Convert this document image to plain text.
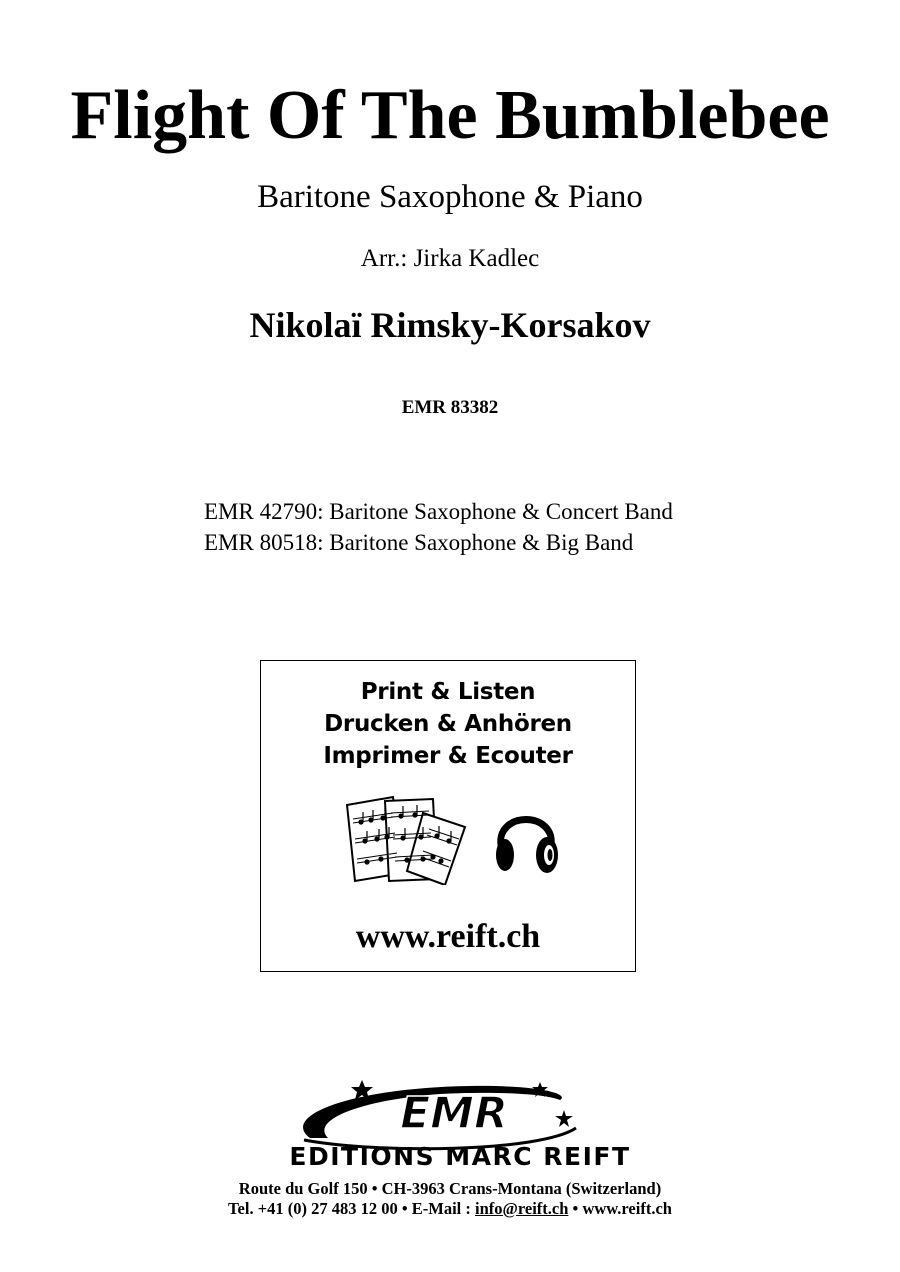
Flight Of The Bumblebee
Baritone Saxophone & Piano
Arr.: Jirka Kadlec
Nikolaï Rimsky-Korsakov
EMR 83382
EMR 42790: Baritone Saxophone & Concert Band
EMR 80518: Baritone Saxophone & Big Band
Print & Listen
Drucken & Anhören
Imprimer & Ecouter
www.reift.ch
EMR
EDITIONS MARC REIFT
Route du Golf 150 • CH-3963 Crans-Montana (Switzerland)
Tel. +41 (0) 27 483 12 00 • E-Mail : info@reift.ch • www.reift.ch
